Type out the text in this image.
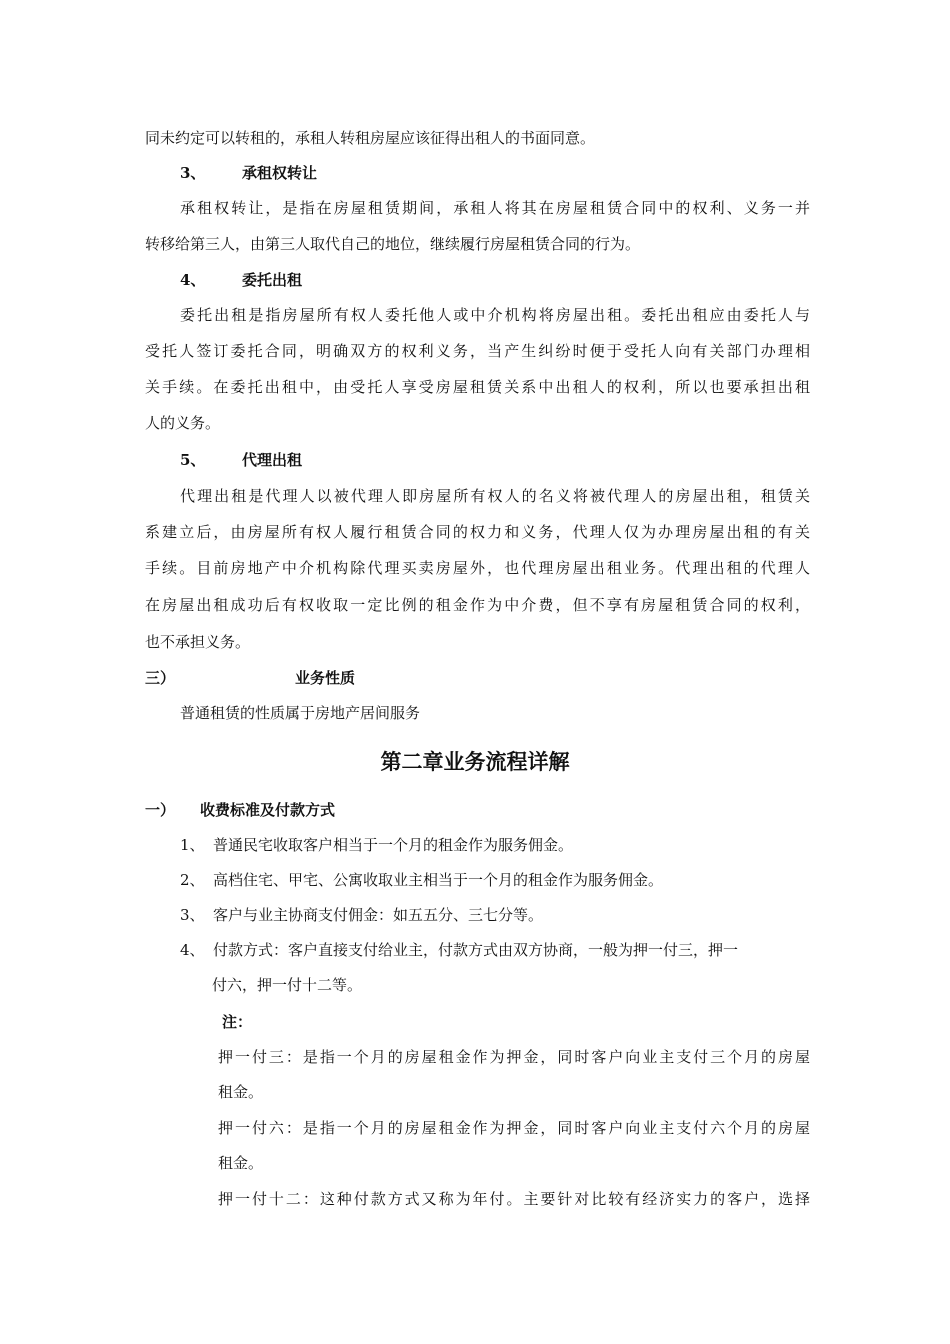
同未约定可以转租的，承租人转租房屋应该征得出租人的书面同意。
3、 承租权转让
承租权转让，是指在房屋租赁期间，承租人将其在房屋租赁合同中的权利、义务一并
转移给第三人，由第三人取代自己的地位，继续履行房屋租赁合同的行为。
4、 委托出租
委托出租是指房屋所有权人委托他人或中介机构将房屋出租。委托出租应由委托人与
受托人签订委托合同，明确双方的权利义务，当产生纠纷时便于受托人向有关部门办理相
关手续。在委托出租中，由受托人享受房屋租赁关系中出租人的权利，所以也要承担出租
人的义务。
5、 代理出租
代理出租是代理人以被代理人即房屋所有权人的名义将被代理人的房屋出租，租赁关
系建立后，由房屋所有权人履行租赁合同的权力和义务，代理人仅为办理房屋出租的有关
手续。目前房地产中介机构除代理买卖房屋外，也代理房屋出租业务。代理出租的代理人
在房屋出租成功后有权收取一定比例的租金作为中介费，但不享有房屋租赁合同的权利，
也不承担义务。
三）	业务性质
普通租赁的性质属于房地产居间服务
第二章业务流程详解
一） 收费标准及付款方式
1、 普通民宅收取客户相当于一个月的租金作为服务佣金。
2、 高档住宅、甲宅、公寓收取业主相当于一个月的租金作为服务佣金。
3、 客户与业主协商支付佣金：如五五分、三七分等。
4、 付款方式：客户直接支付给业主，付款方式由双方协商，一般为押一付三，押一
付六，押一付十二等。
注：
押一付三：是指一个月的房屋租金作为押金，同时客户向业主支付三个月的房屋
租金。
押一付六：是指一个月的房屋租金作为押金，同时客户向业主支付六个月的房屋
租金。
押一付十二：这种付款方式又称为年付。主要针对比较有经济实力的客户，选择
